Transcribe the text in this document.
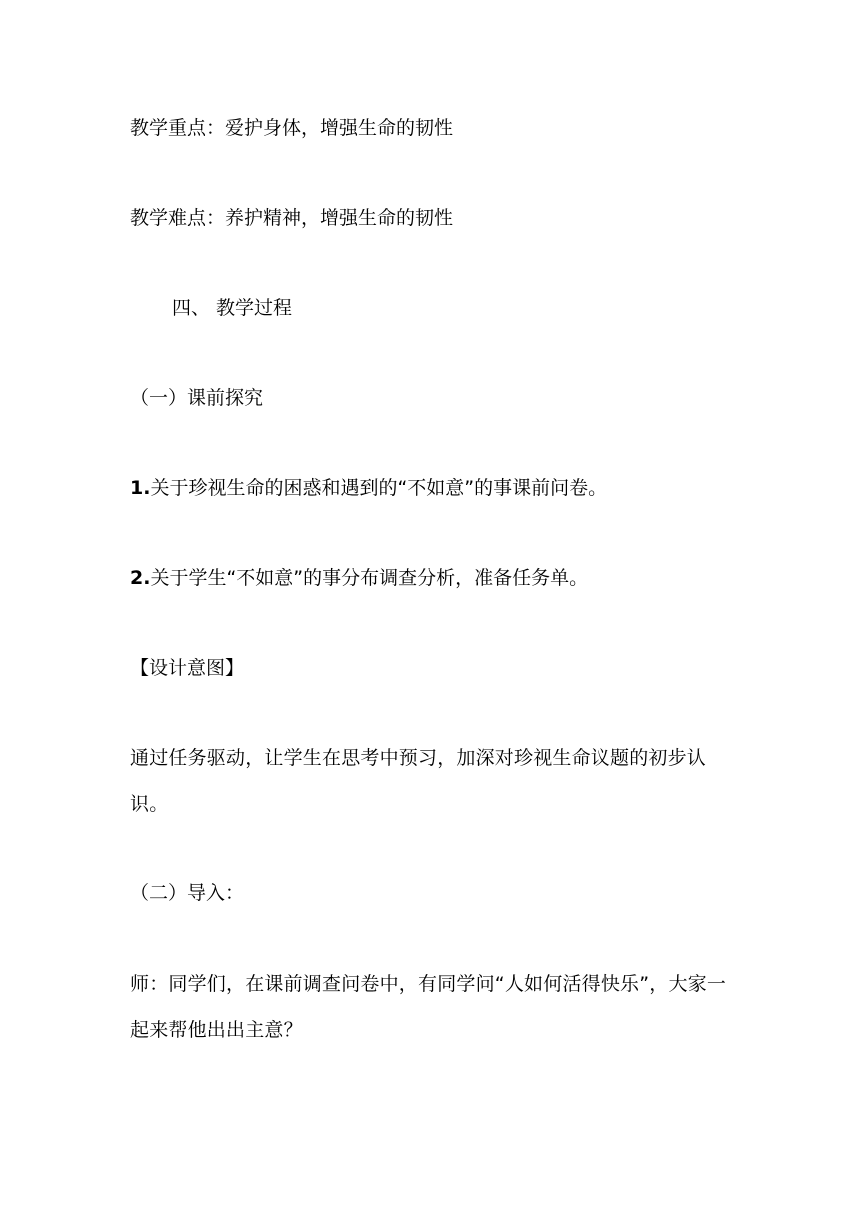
教学重点：爱护身体，增强生命的韧性
教学难点：养护精神，增强生命的韧性
四、 教学过程
（一）课前探究
1.关于珍视生命的困惑和遇到的“不如意”的事课前问卷。
2.关于学生“不如意”的事分布调查分析，准备任务单。
【设计意图】
通过任务驱动，让学生在思考中预习，加深对珍视生命议题的初步认识。
（二）导入：
师：同学们，在课前调查问卷中，有同学问“人如何活得快乐”，大家一起来帮他出出主意？
